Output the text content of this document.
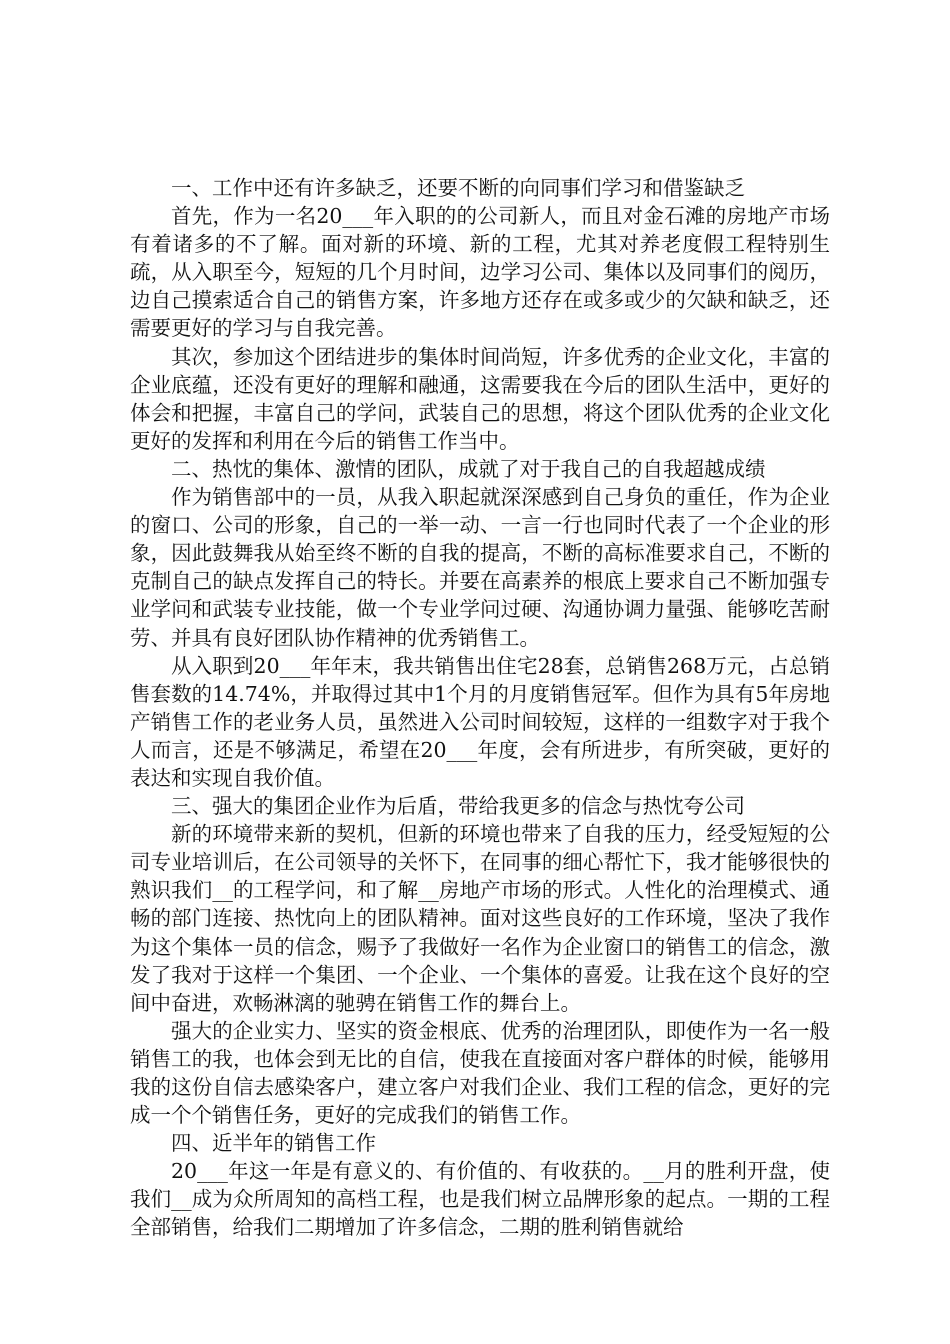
一、工作中还有许多缺乏，还要不断的向同事们学习和借鉴缺乏

首先，作为一名20___年入职的的公司新人，而且对金石滩的房地产市场有着诸多的不了解。面对新的环境、新的工程，尤其对养老度假工程特别生疏，从入职至今，短短的几个月时间，边学习公司、集体以及同事们的阅历，边自己摸索适合自己的销售方案，许多地方还存在或多或少的欠缺和缺乏，还需要更好的学习与自我完善。

其次，参加这个团结进步的集体时间尚短，许多优秀的企业文化，丰富的企业底蕴，还没有更好的理解和融通，这需要我在今后的团队生活中，更好的体会和把握，丰富自己的学问，武装自己的思想，将这个团队优秀的企业文化更好的发挥和利用在今后的销售工作当中。

二、热忱的集体、激情的团队，成就了对于我自己的自我超越成绩

作为销售部中的一员，从我入职起就深深感到自己身负的重任，作为企业的窗口、公司的形象，自己的一举一动、一言一行也同时代表了一个企业的形象，因此鼓舞我从始至终不断的自我的提高，不断的高标准要求自己，不断的克制自己的缺点发挥自己的特长。并要在高素养的根底上要求自己不断加强专业学问和武装专业技能，做一个专业学问过硬、沟通协调力量强、能够吃苦耐劳、并具有良好团队协作精神的优秀销售工。

从入职到20___年年末，我共销售出住宅28套，总销售268万元，占总销售套数的14.74%，并取得过其中1个月的月度销售冠军。但作为具有5年房地产销售工作的老业务人员，虽然进入公司时间较短，这样的一组数字对于我个人而言，还是不够满足，希望在20___年度，会有所进步，有所突破，更好的表达和实现自我价值。

三、强大的集团企业作为后盾，带给我更多的信念与热忱夸公司

新的环境带来新的契机，但新的环境也带来了自我的压力，经受短短的公司专业培训后，在公司领导的关怀下，在同事的细心帮忙下，我才能够很快的熟识我们__的工程学问，和了解__房地产市场的形式。人性化的治理模式、通畅的部门连接、热忱向上的团队精神。面对这些良好的工作环境，坚决了我作为这个集体一员的信念，赐予了我做好一名作为企业窗口的销售工的信念，激发了我对于这样一个集团、一个企业、一个集体的喜爱。让我在这个良好的空间中奋进，欢畅淋漓的驰骋在销售工作的舞台上。

强大的企业实力、坚实的资金根底、优秀的治理团队，即使作为一名一般销售工的我，也体会到无比的自信，使我在直接面对客户群体的时候，能够用我的这份自信去感染客户，建立客户对我们企业、我们工程的信念，更好的完成一个个销售任务，更好的完成我们的销售工作。

四、近半年的销售工作

20___年这一年是有意义的、有价值的、有收获的。__月的胜利开盘，使我们__成为众所周知的高档工程，也是我们树立品牌形象的起点。一期的工程全部销售，给我们二期增加了许多信念，二期的胜利销售就给
